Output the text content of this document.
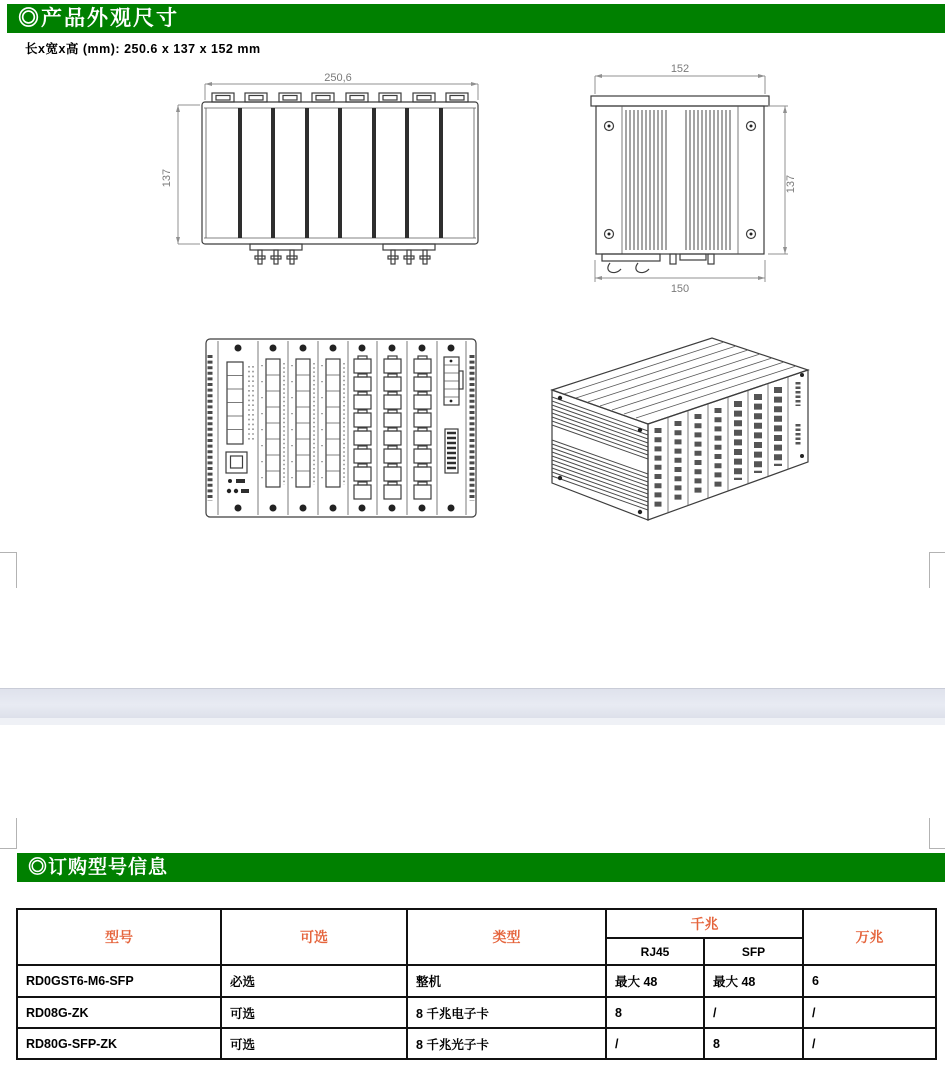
◎产品外观尺寸
长x宽x高 (mm): 250.6 x 137 x 152 mm
250,6
137
152
137
150
◎订购型号信息
型号	可选	类型	千兆		万兆
			RJ45	SFP	
RD0GST6-M6-SFP	必选	整机	最大 48	最大 48	6
RD08G-ZK	可选	8 千兆电子卡	8	/	/
RD80G-SFP-ZK	可选	8 千兆光子卡	/	8	/
